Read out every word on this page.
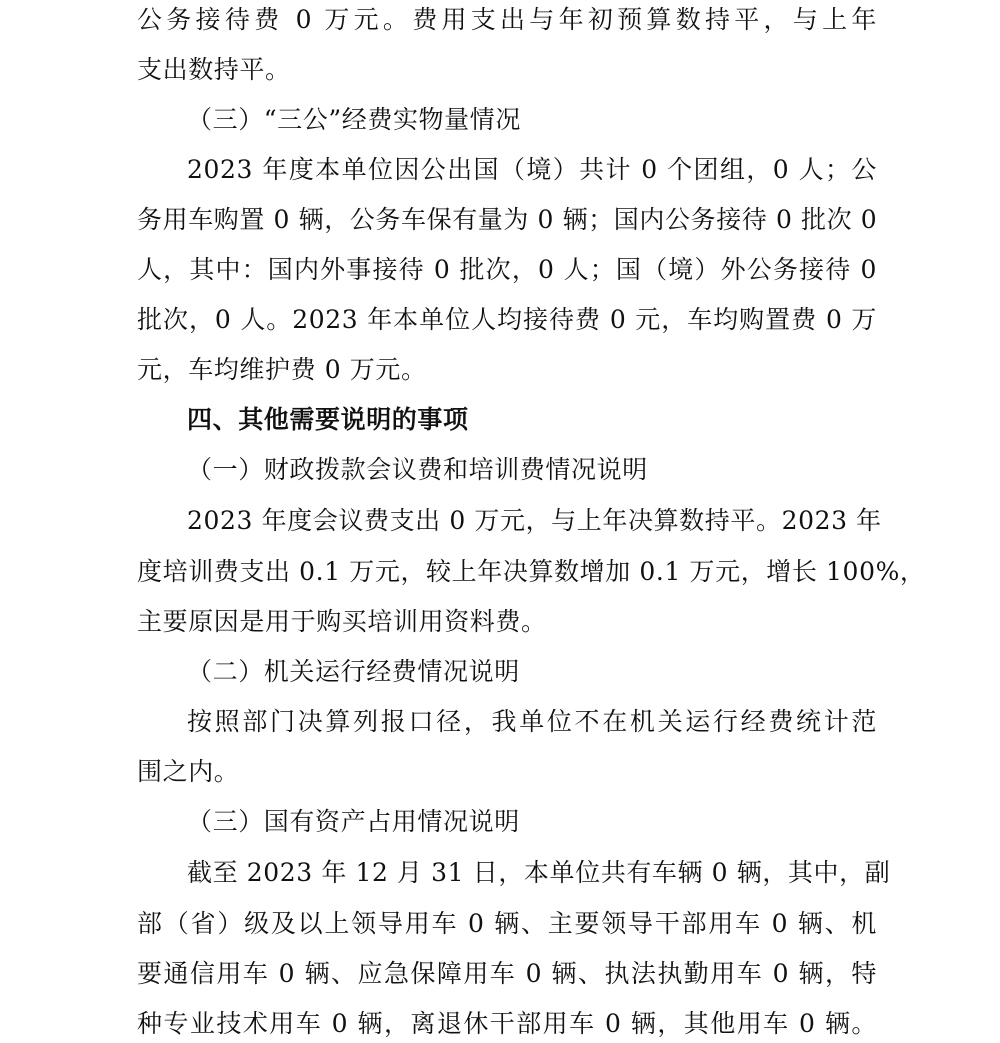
公务接待费 0 万元。费用支出与年初预算数持平，与上年

支出数持平。

（三）“三公”经费实物量情况

2023 年度本单位因公出国（境）共计 0 个团组，0 人；公

务用车购置 0 辆，公务车保有量为 0 辆；国内公务接待 0 批次 0

人，其中：国内外事接待 0 批次，0 人；国（境）外公务接待 0

批次，0 人。2023 年本单位人均接待费 0 元，车均购置费 0 万

元，车均维护费 0 万元。

四、其他需要说明的事项

（一）财政拨款会议费和培训费情况说明

2023 年度会议费支出 0 万元，与上年决算数持平。2023 年

度培训费支出 0.1 万元，较上年决算数增加 0.1 万元，增长 100%，

主要原因是用于购买培训用资料费。

（二）机关运行经费情况说明

按照部门决算列报口径，我单位不在机关运行经费统计范

围之内。

（三）国有资产占用情况说明

截至 2023 年 12 月 31 日，本单位共有车辆 0 辆，其中，副

部（省）级及以上领导用车 0 辆、主要领导干部用车 0 辆、机

要通信用车 0 辆、应急保障用车 0 辆、执法执勤用车 0 辆，特

种专业技术用车 0 辆，离退休干部用车 0 辆，其他用车 0 辆。
